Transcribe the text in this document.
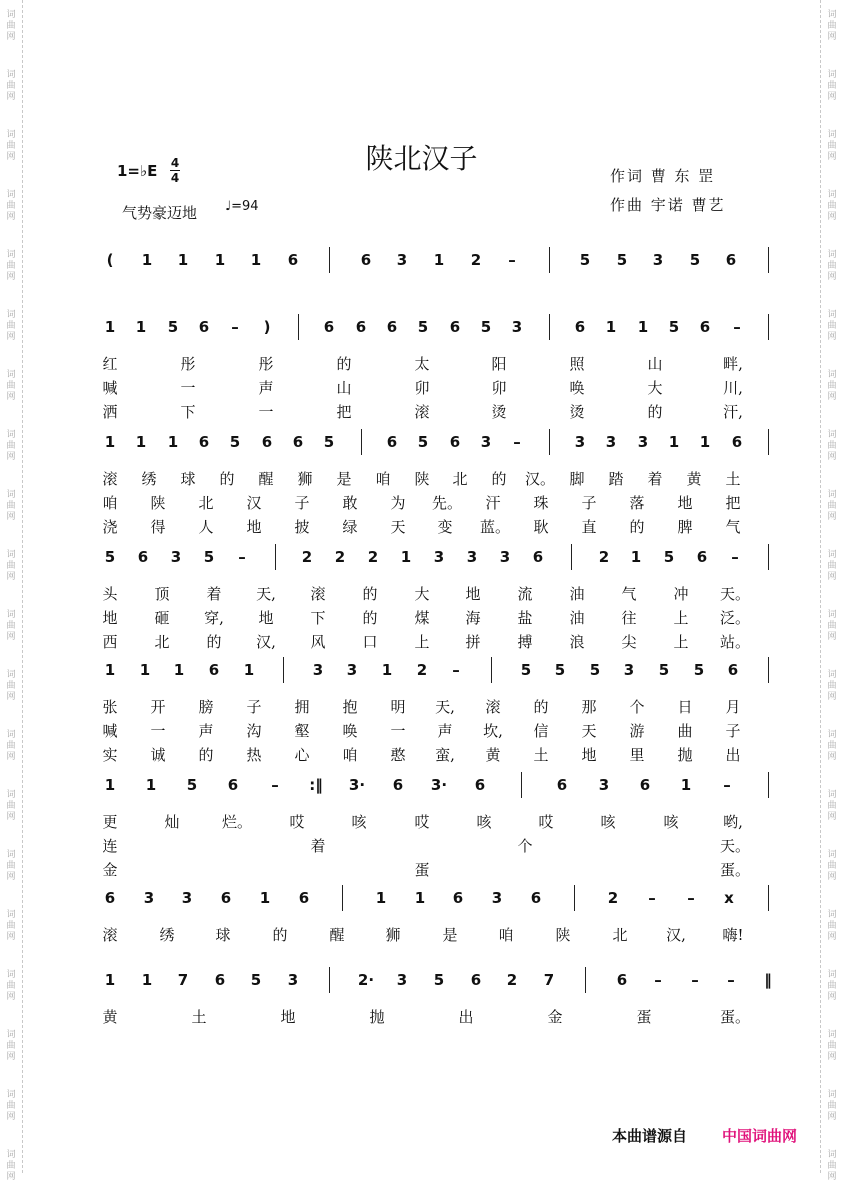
词
曲
网
词
曲
网
词
曲
网
词
曲
网
词
曲
网
词
曲
网
词
曲
网
词
曲
网
词
曲
网
词
曲
网
词
曲
网
词
曲
网
词
曲
网
词
曲
网
词
曲
网
词
曲
网
词
曲
网
词
曲
网
词
曲
网
词
曲
网
词
曲
网
词
曲
网
词
曲
网
词
曲
网
词
曲
网
词
曲
网
词
曲
网
词
曲
网
词
曲
网
词
曲
网
词
曲
网
词
曲
网
词
曲
网
词
曲
网
词
曲
网
词
曲
网
词
曲
网
词
曲
网
词
曲
网
词
曲
网
陕北汉子
1=♭E 4
4
气势豪迈地 ♩=94
作词 曹 东 罡
作曲 宇诺 曹艺
(	1	1	1	1	6	6	3	1	2	–	5	5	3	5	6
1	1	5	6	–	)	6	6	6	5	6	5	3	6	1	1	5	6	–
红	彤	彤	的	太	阳	照	山	畔,
喊	一	声	山	卯	卯	唤	大	川,
洒	下	一	把	滚	烫	烫	的	汗,
1	1	1	6	5	6	6	5	6	5	6	3	–	3	3	3	1	1	6
滚	绣	球	的	醒	狮	是	咱	陕	北	的	汉。 脚	踏	着	黄	土
咱	陕	北	汉	子	敢	为	先。	汗	珠	子	落	地	把
浇	得	人	地	披	绿	天	变	蓝。	耿	直	的	脾	气
5	6	3	5	–	2	2	2	1	3	3	3	6	2	1	5	6	–
头	顶	着	天,	滚	的	大	地	流	油	气	冲	天。
地	砸	穿,	地	下	的	煤	海	盐	油	往	上	泛。
西	北	的	汉,	风	口	上	拼	搏	浪	尖	上	站。
1	1	1	6	1	3	3	1	2	–	5	5	5	3	5	5	6
张	开	膀	子	拥	抱	明	天,	滚	的	那	个	日	月
喊	一	声	沟	壑	唤	一	声	坎,	信	天	游	曲	子
实	诚	的	热	心	咱	憨	蛮,	黄	土	地	里	抛	出
1	1	5	6	–	:‖	3·	6	3·	6	6	3	6	1	–
更	灿	烂。	哎	咳	哎	咳	哎	咳	咳	哟,
连	着	个	天。
金	蛋	蛋。
6	3	3	6	1	6	1	1	6	3	6	2	–	–	x
滚	绣	球	的	醒	狮	是	咱	陕	北	汉, 嗨!
1	1	7	6	5	3	2·	3	5	6	2	7	6	–	–	–	‖
黄	土	地	抛	出	金	蛋	蛋。
本曲谱源自 中国词曲网
